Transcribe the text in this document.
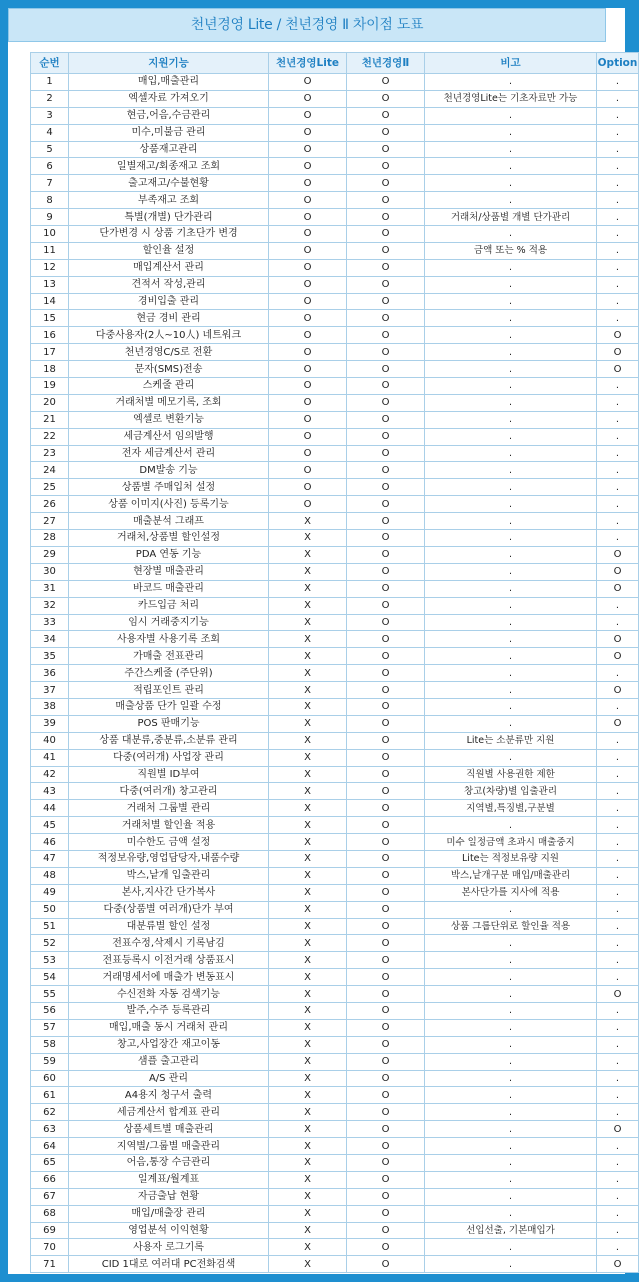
천년경영 Lite / 천년경영 Ⅱ 차이점 도표
순번	지원기능	천년경영Lite	천년경영Ⅱ	비고	Option
1	매입,매출관리	O	O	.	.
2	엑셀자료 가져오기	O	O	천년경영Lite는 기초자료만 가능	.
3	현금,어음,수금관리	O	O	.	.
4	미수,미불금 관리	O	O	.	.
5	상품재고관리	O	O	.	.
6	일별재고/회종재고 조회	O	O	.	.
7	출고재고/수불현황	O	O	.	.
8	부족재고 조회	O	O	.	.
9	특별(개별) 단가관리	O	O	거래처/상품별 개별 단가관리	.
10	단가변경 시 상품 기초단가 변경	O	O	.	.
11	할인율 설정	O	O	금액 또는 % 적용	.
12	매입계산서 관리	O	O	.	.
13	견적서 작성,관리	O	O	.	.
14	경비입출 관리	O	O	.	.
15	현금 경비 관리	O	O	.	.
16	다중사용자(2人~10人) 네트워크	O	O	.	O
17	천년경영C/S로 전환	O	O	.	O
18	문자(SMS)전송	O	O	.	O
19	스케줄 관리	O	O	.	.
20	거래처별 메모기록, 조회	O	O	.	.
21	엑셀로 변환기능	O	O	.	.
22	세금계산서 임의발행	O	O	.	.
23	전자 세금계산서 관리	O	O	.	.
24	DM발송 기능	O	O	.	.
25	상품별 주매입처 설정	O	O	.	.
26	상품 이미지(사진) 등록기능	O	O	.	.
27	매출분석 그래프	X	O	.	.
28	거래처,상품별 할인설정	X	O	.	.
29	PDA 연동 기능	X	O	.	O
30	현장별 매출관리	X	O	.	O
31	바코드 매출관리	X	O	.	O
32	카드입금 처리	X	O	.	.
33	임시 거래중지기능	X	O	.	.
34	사용자별 사용기록 조회	X	O	.	O
35	가매출 전표관리	X	O	.	O
36	주간스케줄 (주단위)	X	O	.	.
37	적립포인트 관리	X	O	.	O
38	매출상품 단가 일괄 수정	X	O	.	.
39	POS 판매기능	X	O	.	O
40	상품 대분류,중분류,소분류 관리	X	O	Lite는 소분류만 지원	.
41	다중(여러개) 사업장 관리	X	O	.	.
42	직원별 ID부여	X	O	직원별 사용권한 제한	.
43	다중(여러개) 창고관리	X	O	창고(차량)별 입출관리	.
44	거래처 그룹별 관리	X	O	지역별,특징별,구분별	.
45	거래처별 할인율 적용	X	O	.	.
46	미수한도 금액 설정	X	O	미수 일정금액 초과시 매출중지	.
47	적정보유량,영업담당자,내품수량	X	O	Lite는 적정보유량 지원	.
48	박스,낱개 입출관리	X	O	박스,낱개구분 매입/매출관리	.
49	본사,지사간 단가복사	X	O	본사단가를 지사에 적용	.
50	다중(상품별 여러개)단가 부여	X	O	.	.
51	대분류별 할인 설정	X	O	상품 그룹단위로 할인율 적용	.
52	전표수정,삭제시 기록남김	X	O	.	.
53	전표등록시 이전거래 상품표시	X	O	.	.
54	거래명세서에 매출가 변동표시	X	O	.	.
55	수신전화 자동 검색기능	X	O	.	O
56	발주,수주 등록관리	X	O	.	.
57	매입,매출 동시 거래처 관리	X	O	.	.
58	창고,사업장간 재고이동	X	O	.	.
59	샘플 출고관리	X	O	.	.
60	A/S 관리	X	O	.	.
61	A4용지 청구서 출력	X	O	.	.
62	세금계산서 합계표 관리	X	O	.	.
63	상품세트별 매출관리	X	O	.	O
64	지역별/그룹별 매출관리	X	O	.	.
65	어음,통장 수금관리	X	O	.	.
66	일계표/월계표	X	O	.	.
67	자금출납 현황	X	O	.	.
68	매입/매출장 관리	X	O	.	.
69	영업분석 이익현황	X	O	선입선출, 기본매입가	.
70	사용자 로그기록	X	O	.	.
71	CID 1대로 여러대 PC전화검색	X	O	.	O
